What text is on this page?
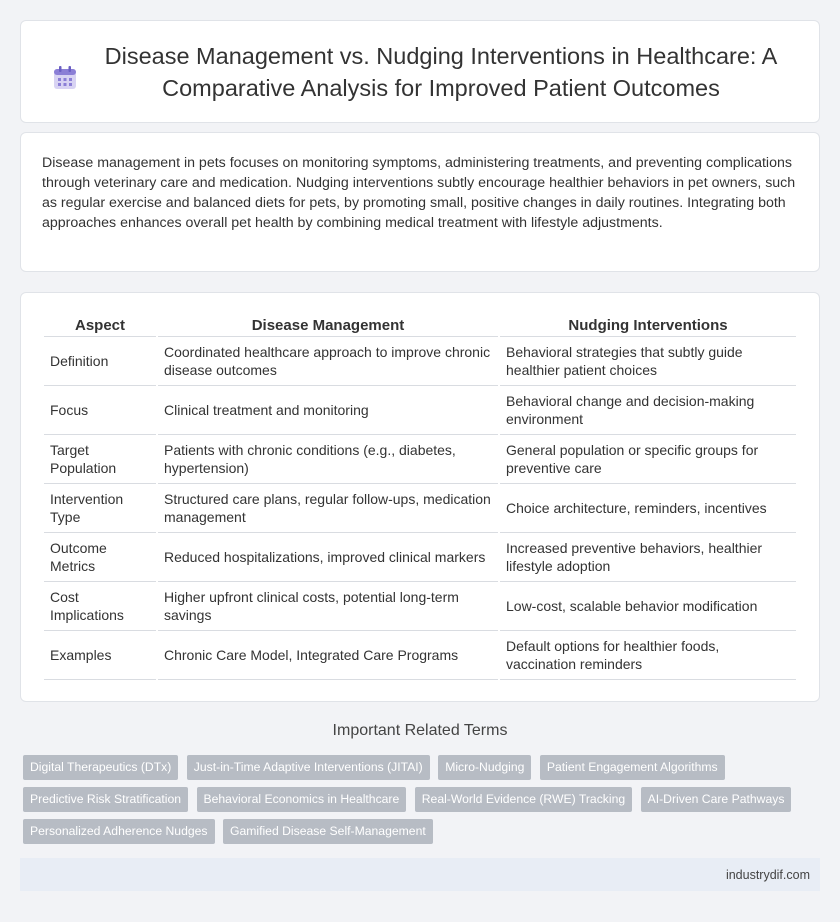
Disease Management vs. Nudging Interventions in Healthcare: A Comparative Analysis for Improved Patient Outcomes

Disease management in pets focuses on monitoring symptoms, administering treatments, and preventing complications through veterinary care and medication. Nudging interventions subtly encourage healthier behaviors in pet owners, such as regular exercise and balanced diets for pets, by promoting small, positive changes in daily routines. Integrating both approaches enhances overall pet health by combining medical treatment with lifestyle adjustments.

Aspect	Disease Management	Nudging Interventions
Definition	Coordinated healthcare approach to improve chronic disease outcomes	Behavioral strategies that subtly guide healthier patient choices
Focus	Clinical treatment and monitoring	Behavioral change and decision-making environment
Target Population	Patients with chronic conditions (e.g., diabetes, hypertension)	General population or specific groups for preventive care
Intervention Type	Structured care plans, regular follow-ups, medication management	Choice architecture, reminders, incentives
Outcome Metrics	Reduced hospitalizations, improved clinical markers	Increased preventive behaviors, healthier lifestyle adoption
Cost Implications	Higher upfront clinical costs, potential long-term savings	Low-cost, scalable behavior modification
Examples	Chronic Care Model, Integrated Care Programs	Default options for healthier foods, vaccination reminders
Important Related Terms
Digital Therapeutics (DTx) Just-in-Time Adaptive Interventions (JITAI) Micro-Nudging Patient Engagement Algorithms Predictive Risk Stratification Behavioral Economics in Healthcare Real-World Evidence (RWE) Tracking AI-Driven Care Pathways Personalized Adherence Nudges Gamified Disease Self-Management
industrydif.com
